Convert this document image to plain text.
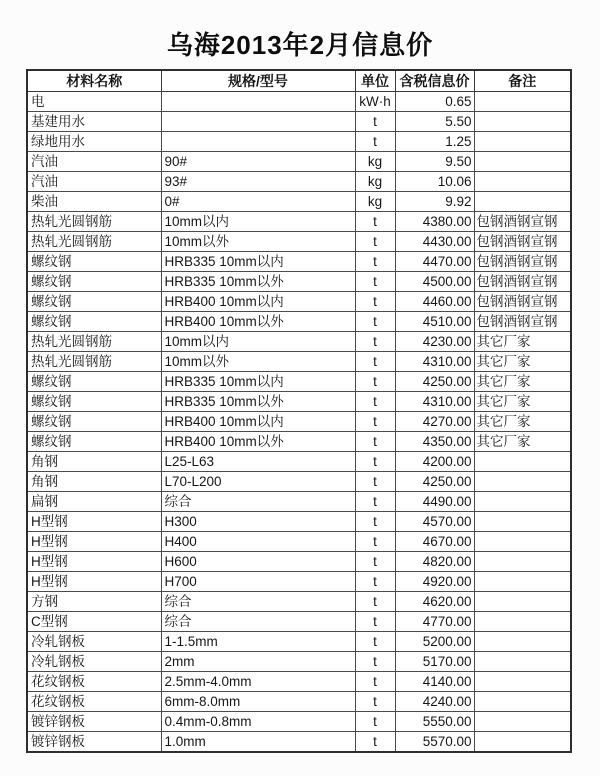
乌海2013年2月信息价
材料名称	规格/型号	单位	含税信息价	备注
电		kW·h	0.65	
基建用水		t	5.50	
绿地用水		t	1.25	
汽油	90#	kg	9.50	
汽油	93#	kg	10.06	
柴油	0#	kg	9.92	
热轧光圆钢筋	10mm以内	t	4380.00	包钢酒钢宣钢
热轧光圆钢筋	10mm以外	t	4430.00	包钢酒钢宣钢
螺纹钢	HRB335 10mm以内	t	4470.00	包钢酒钢宣钢
螺纹钢	HRB335 10mm以外	t	4500.00	包钢酒钢宣钢
螺纹钢	HRB400 10mm以内	t	4460.00	包钢酒钢宣钢
螺纹钢	HRB400 10mm以外	t	4510.00	包钢酒钢宣钢
热轧光圆钢筋	10mm以内	t	4230.00	其它厂家
热轧光圆钢筋	10mm以外	t	4310.00	其它厂家
螺纹钢	HRB335 10mm以内	t	4250.00	其它厂家
螺纹钢	HRB335 10mm以外	t	4310.00	其它厂家
螺纹钢	HRB400 10mm以内	t	4270.00	其它厂家
螺纹钢	HRB400 10mm以外	t	4350.00	其它厂家
角钢	L25-L63	t	4200.00	
角钢	L70-L200	t	4250.00	
扁钢	综合	t	4490.00	
H型钢	H300	t	4570.00	
H型钢	H400	t	4670.00	
H型钢	H600	t	4820.00	
H型钢	H700	t	4920.00	
方钢	综合	t	4620.00	
C型钢	综合	t	4770.00	
冷轧钢板	1-1.5mm	t	5200.00	
冷轧钢板	2mm	t	5170.00	
花纹钢板	2.5mm-4.0mm	t	4140.00	
花纹钢板	6mm-8.0mm	t	4240.00	
镀锌钢板	0.4mm-0.8mm	t	5550.00	
镀锌钢板	1.0mm	t	5570.00	
